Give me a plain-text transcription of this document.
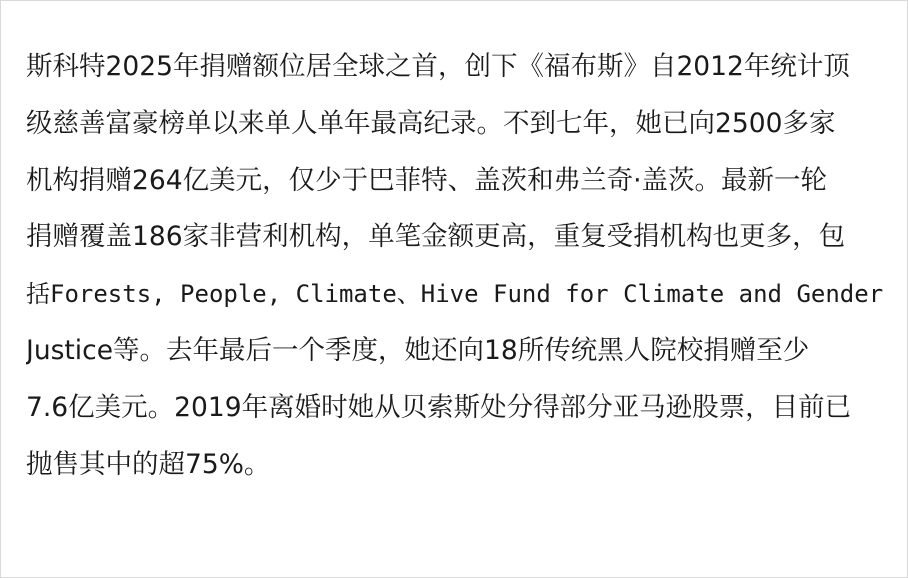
斯科特2025年捐赠额位居全球之首，创下《福布斯》自2012年统计顶
级慈善富豪榜单以来单人单年最高纪录。不到七年，她已向2500多家
机构捐赠264亿美元，仅少于巴菲特、盖茨和弗兰奇·盖茨。最新一轮
捐赠覆盖186家非营利机构，单笔金额更高，重复受捐机构也更多，包
括Forests, People, Climate、Hive Fund for Climate and Gender
Justice等。去年最后一个季度，她还向18所传统黑人院校捐赠至少
7.6亿美元。2019年离婚时她从贝索斯处分得部分亚马逊股票，目前已
抛售其中的超75%。
